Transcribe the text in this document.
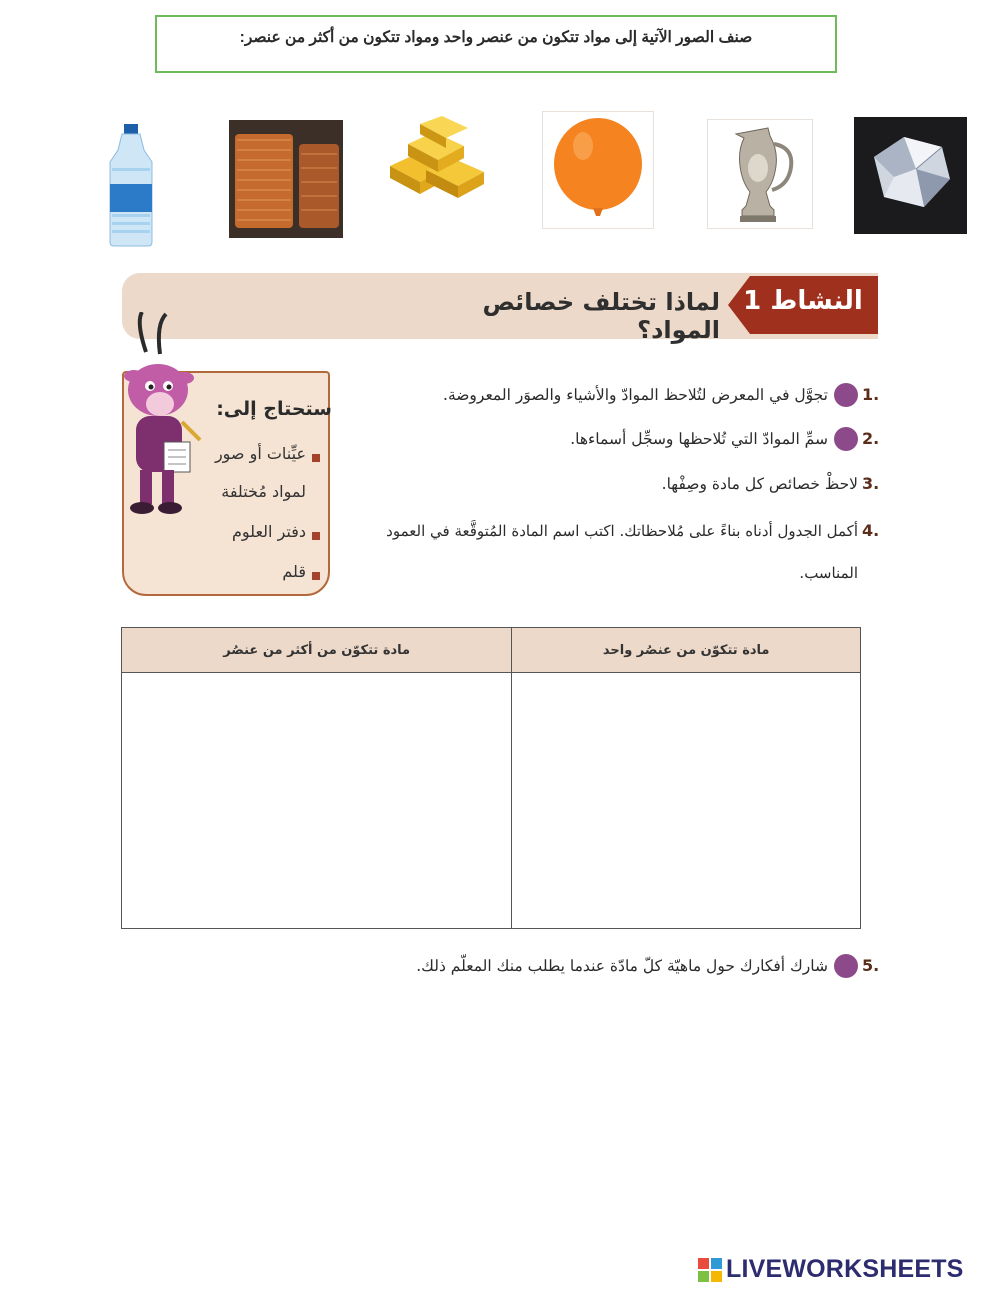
صنف الصور الآتية إلى مواد تتكون من عنصر واحد ومواد تتكون من أكثر من عنصر:
النشاط 1
لماذا تختلف خصائص المواد؟
ستحتاج إلى:
عيِّنات أو صور
لمواد مُختلفة
دفتر العلوم
قلم
1.
تجوَّل في المعرض لتُلاحظ الموادّ والأشياء والصوَر المعروضة.
2.
سمِّ الموادّ التي تُلاحظها وسجِّل أسماءها.
3.
لاحظْ خصائص كل مادة وصِفْها.
4.
أكمل الجدول أدناه بناءً على مُلاحظاتك. اكتب اسم المادة المُتوقَّعة في العمود
المناسب.
مادة تتكوّن من عنصُر واحد	مادة تتكوّن من أكثر من عنصُر

5.
شارك أفكارك حول ماهيّة كلّ مادّة عندما يطلب منك المعلّم ذلك.
LIVEWORKSHEETS
